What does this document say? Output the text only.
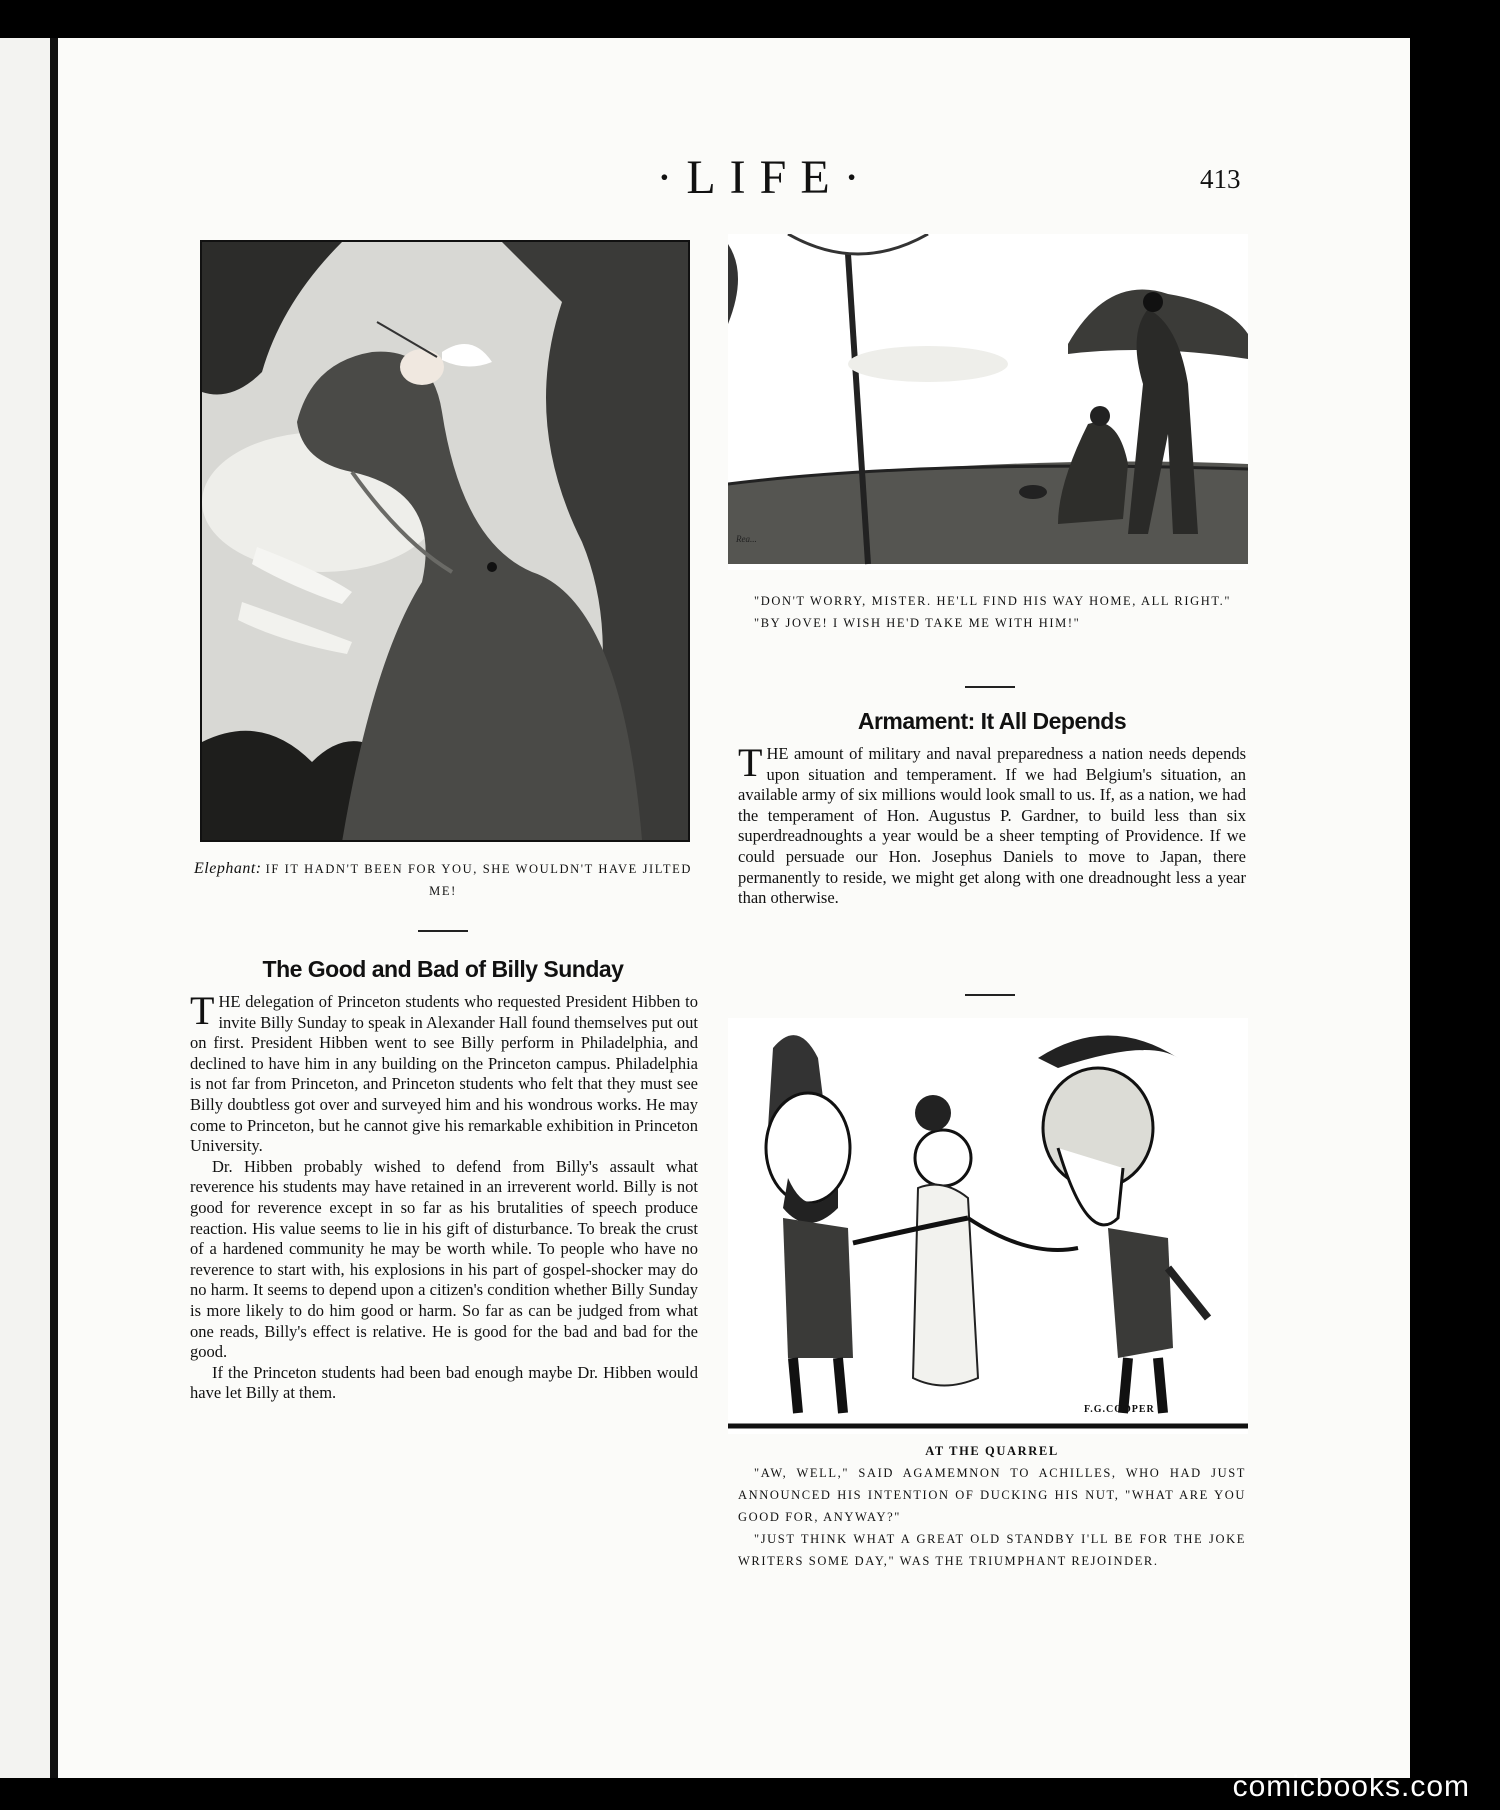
·LIFE·	413
Elephant: IF IT HADN'T BEEN FOR YOU, SHE WOULDN'T HAVE JILTED ME!
The Good and Bad of Billy Sunday

THE delegation of Princeton students who requested President Hibben to invite Billy Sunday to speak in Alexander Hall found themselves put out on first. President Hibben went to see Billy perform in Philadelphia, and declined to have him in any building on the Princeton campus. Philadelphia is not far from Princeton, and Princeton students who felt that they must see Billy doubtless got over and surveyed him and his wondrous works. He may come to Princeton, but he cannot give his remarkable exhibition in Princeton University.

Dr. Hibben probably wished to defend from Billy's assault what reverence his students may have retained in an irreverent world. Billy is not good for reverence except in so far as his brutalities of speech produce reaction. His value seems to lie in his gift of disturbance. To break the crust of a hardened community he may be worth while. To people who have no reverence to start with, his explosions in his part of gospel-shocker may do no harm. It seems to depend upon a citizen's condition whether Billy Sunday is more likely to do him good or harm. So far as can be judged from what one reads, Billy's effect is relative. He is good for the bad and bad for the good.

If the Princeton students had been bad enough maybe Dr. Hibben would have let Billy at them.

Rea...
"DON'T WORRY, MISTER. HE'LL FIND HIS WAY HOME, ALL RIGHT."
"BY JOVE! I WISH HE'D TAKE ME WITH HIM!"
Armament: It All Depends

THE amount of military and naval preparedness a nation needs depends upon situation and temperament. If we had Belgium's situation, an available army of six millions would look small to us. If, as a nation, we had the temperament of Hon. Augustus P. Gardner, to build less than six superdreadnoughts a year would be a sheer tempting of Providence. If we could persuade our Hon. Josephus Daniels to move to Japan, there permanently to reside, we might get along with one dreadnought less a year than otherwise.

F.G.COOPER
AT THE QUARREL
"AW, WELL," SAID AGAMEMNON TO ACHILLES, WHO HAD JUST ANNOUNCED HIS INTENTION OF DUCKING HIS NUT, "WHAT ARE YOU GOOD FOR, ANYWAY?"
"JUST THINK WHAT A GREAT OLD STANDBY I'LL BE FOR THE JOKE WRITERS SOME DAY," WAS THE TRIUMPHANT REJOINDER.
comicbooks.com
